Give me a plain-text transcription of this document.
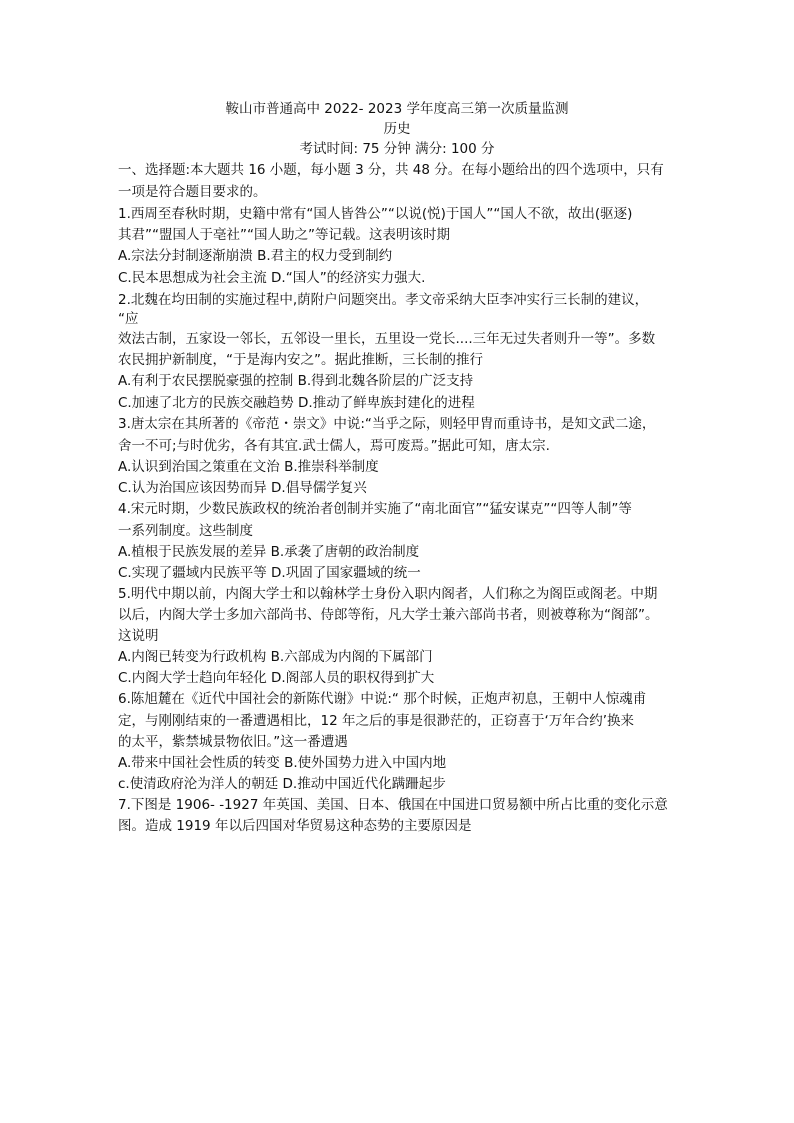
鞍山市普通高中 2022- 2023 学年度高三第一次质量监测
历史
考试时间: 75 分钟 满分: 100 分
一、选择题:本大题共 16 小题，每小题 3 分，共 48 分。在每小题给出的四个选项中，只有
一项是符合题目要求的。
1.西周至春秋时期，史籍中常有“国人皆咎公”“以说(悦)于国人”“国人不欲，故出(驱逐)
其君”“盟国人于亳社”“国人助之”等记载。这表明该时期
A.宗法分封制逐渐崩溃 B.君主的权力受到制约
C.民本思想成为社会主流 D.“国人”的经济实力强大.
2.北魏在均田制的实施过程中,荫附户问题突出。孝文帝采纳大臣李冲实行三长制的建议，
“应
效法古制，五家设一邻长，五邻设一里长，五里设一党长....三年无过失者则升一等”。多数
农民拥护新制度，“于是海内安之”。据此推断，三长制的推行
A.有利于农民摆脱豪强的控制 B.得到北魏各阶层的广泛支持
C.加速了北方的民族交融趋势 D.推动了鲜卑族封建化的进程
3.唐太宗在其所著的《帝范・崇文》中说:“当乎之际，则轻甲胄而重诗书，是知文武二途，
舍一不可;与时优劣，各有其宜.武士儒人，焉可废焉。”据此可知，唐太宗.
A.认识到治国之策重在文治 B.推崇科举制度
C.认为治国应该因势而异 D.倡导儒学复兴
4.宋元时期，少数民族政权的统治者创制并实施了“南北面官”“猛安谋克”“四等人制”等
一系列制度。这些制度
A.植根于民族发展的差异 B.承袭了唐朝的政治制度
C.实现了疆域内民族平等 D.巩固了国家疆域的统一
5.明代中期以前，内阁大学士和以翰林学士身份入职内阁者，人们称之为阁臣或阁老。中期
以后，内阁大学士多加六部尚书、侍郎等衔，凡大学士兼六部尚书者，则被尊称为“阁部”。
这说明
A.内阁已转变为行政机构 B.六部成为内阁的下属部门
C.内阁大学士趋向年轻化 D.阁部人员的职权得到扩大
6.陈旭麓在《近代中国社会的新陈代谢》中说:“ 那个时候，正炮声初息，王朝中人惊魂甫
定，与刚刚结束的一番遭遇相比，12 年之后的事是很渺茫的，正窃喜于‘万年合约’换来
的太平，紫禁城景物依旧。”这一番遭遇
A.带来中国社会性质的转变 B.使外国势力进入中国内地
c.使清政府沦为洋人的朝廷 D.推动中国近代化蹒跚起步
7.下图是 1906- -1927 年英国、美国、日本、俄国在中国进口贸易额中所占比重的变化示意
图。造成 1919 年以后四国对华贸易这种态势的主要原因是
